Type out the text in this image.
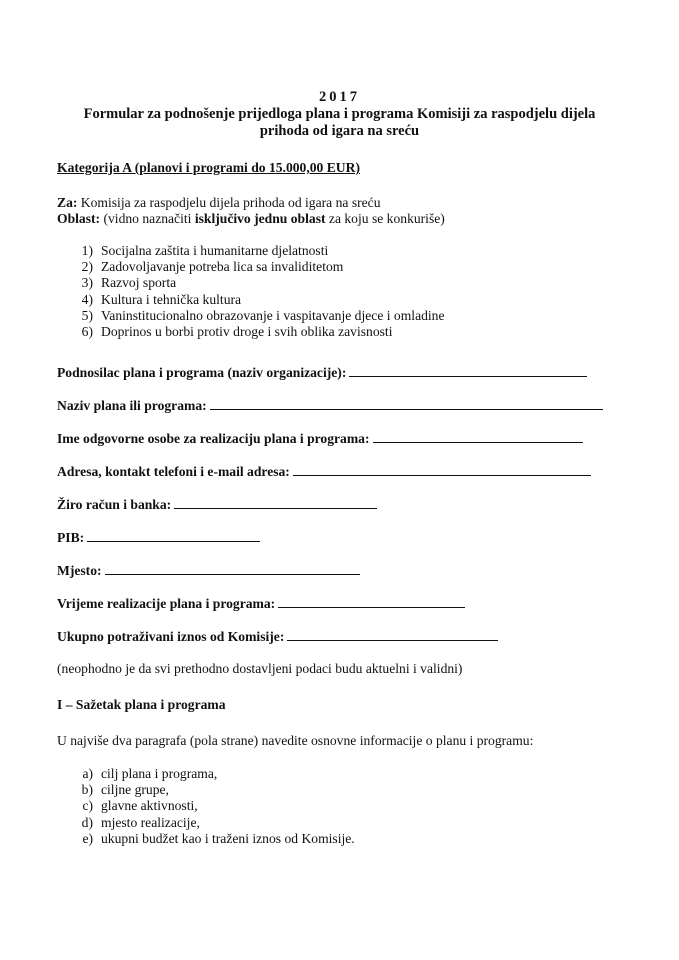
2017
Formular za podnošenje prijedloga plana i programa Komisiji za raspodjelu dijela
prihoda od igara na sreću
Kategorija A (planovi i programi do 15.000,00 EUR)
Za: Komisija za raspodjelu dijela prihoda od igara na sreću
Oblast: (vidno naznačiti isključivo jednu oblast za koju se konkuriše)
1) Socijalna zaštita i humanitarne djelatnosti
2) Zadovoljavanje potreba lica sa invaliditetom
3) Razvoj sporta
4) Kultura i tehnička kultura
5) Vaninstitucionalno obrazovanje i vaspitavanje djece i omladine
6) Doprinos u borbi protiv droge i svih oblika zavisnosti
Podnosilac plana i programa (naziv organizacije):
Naziv plana ili programa:
Ime odgovorne osobe za realizaciju plana i programa:
Adresa, kontakt telefoni i e-mail adresa:
Žiro račun i banka:
PIB:
Mjesto:
Vrijeme realizacije plana i programa:
Ukupno potraživani iznos od Komisije:
(neophodno je da svi prethodno dostavljeni podaci budu aktuelni i validni)
I – Sažetak plana i programa
U najviše dva paragrafa (pola strane) navedite osnovne informacije o planu i programu:
a) cilj plana i programa,
b) ciljne grupe,
c) glavne aktivnosti,
d) mjesto realizacije,
e) ukupni budžet kao i traženi iznos od Komisije.
